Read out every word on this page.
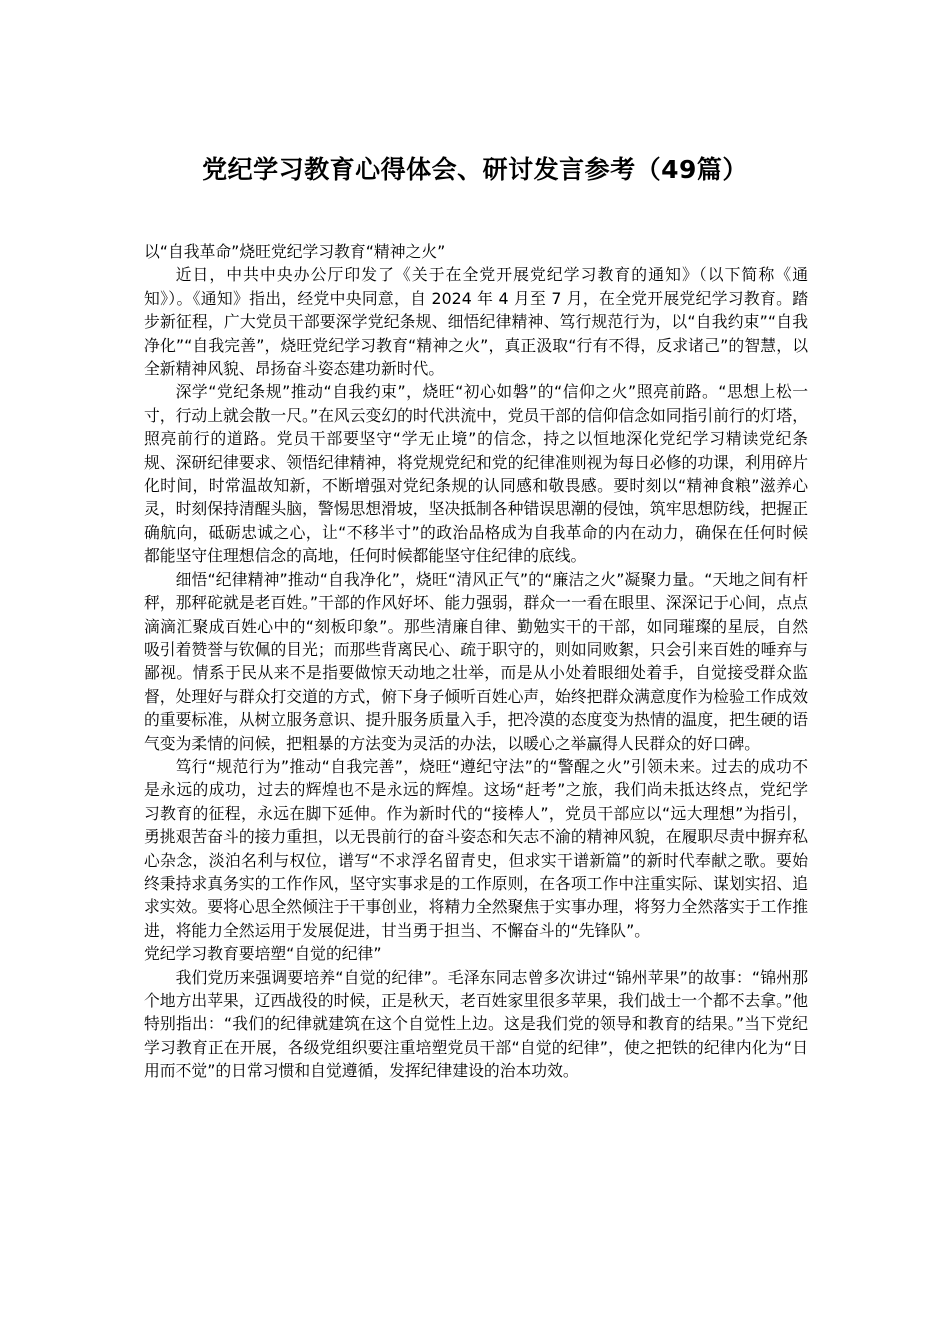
党纪学习教育心得体会、研讨发言参考（49篇）

以“自我革命”烧旺党纪学习教育“精神之火”

近日，中共中央办公厅印发了《关于在全党开展党纪学习教育的通知》（以下简称《通知》）。《通知》指出，经党中央同意，自 2024 年 4 月至 7 月，在全党开展党纪学习教育。踏步新征程，广大党员干部要深学党纪条规、细悟纪律精神、笃行规范行为，以“自我约束”“自我净化”“自我完善”，烧旺党纪学习教育“精神之火”，真正汲取“行有不得，反求诸己”的智慧，以全新精神风貌、昂扬奋斗姿态建功新时代。

深学“党纪条规”推动“自我约束”，烧旺“初心如磐”的“信仰之火”照亮前路。“思想上松一寸，行动上就会散一尺。”在风云变幻的时代洪流中，党员干部的信仰信念如同指引前行的灯塔，照亮前行的道路。党员干部要坚守“学无止境”的信念，持之以恒地深化党纪学习精读党纪条规、深研纪律要求、领悟纪律精神，将党规党纪和党的纪律准则视为每日必修的功课，利用碎片化时间，时常温故知新，不断增强对党纪条规的认同感和敬畏感。要时刻以“精神食粮”滋养心灵，时刻保持清醒头脑，警惕思想滑坡，坚决抵制各种错误思潮的侵蚀，筑牢思想防线，把握正确航向，砥砺忠诚之心，让“不移半寸”的政治品格成为自我革命的内在动力，确保在任何时候都能坚守住理想信念的高地，任何时候都能坚守住纪律的底线。

细悟“纪律精神”推动“自我净化”，烧旺“清风正气”的“廉洁之火”凝聚力量。“天地之间有杆秤，那秤砣就是老百姓。”干部的作风好坏、能力强弱，群众一一看在眼里、深深记于心间，点点滴滴汇聚成百姓心中的“刻板印象”。那些清廉自律、勤勉实干的干部，如同璀璨的星辰，自然吸引着赞誉与钦佩的目光；而那些背离民心、疏于职守的，则如同败絮，只会引来百姓的唾弃与鄙视。情系于民从来不是指要做惊天动地之壮举，而是从小处着眼细处着手，自觉接受群众监督，处理好与群众打交道的方式，俯下身子倾听百姓心声，始终把群众满意度作为检验工作成效的重要标准，从树立服务意识、提升服务质量入手，把冷漠的态度变为热情的温度，把生硬的语气变为柔情的问候，把粗暴的方法变为灵活的办法，以暖心之举赢得人民群众的好口碑。

笃行“规范行为”推动“自我完善”，烧旺“遵纪守法”的“警醒之火”引领未来。过去的成功不是永远的成功，过去的辉煌也不是永远的辉煌。这场“赶考”之旅，我们尚未抵达终点，党纪学习教育的征程，永远在脚下延伸。作为新时代的“接棒人”，党员干部应以“远大理想”为指引，勇挑艰苦奋斗的接力重担，以无畏前行的奋斗姿态和矢志不渝的精神风貌，在履职尽责中摒弃私心杂念，淡泊名利与权位，谱写“不求浮名留青史，但求实干谱新篇”的新时代奉献之歌。要始终秉持求真务实的工作作风，坚守实事求是的工作原则，在各项工作中注重实际、谋划实招、追求实效。要将心思全然倾注于干事创业，将精力全然聚焦于实事办理，将努力全然落实于工作推进，将能力全然运用于发展促进，甘当勇于担当、不懈奋斗的“先锋队”。

党纪学习教育要培塑“自觉的纪律”

我们党历来强调要培养“自觉的纪律”。毛泽东同志曾多次讲过“锦州苹果”的故事：“锦州那个地方出苹果，辽西战役的时候，正是秋天，老百姓家里很多苹果，我们战士一个都不去拿。”他特别指出：“我们的纪律就建筑在这个自觉性上边。这是我们党的领导和教育的结果。”当下党纪学习教育正在开展，各级党组织要注重培塑党员干部“自觉的纪律”，使之把铁的纪律内化为“日用而不觉”的日常习惯和自觉遵循，发挥纪律建设的治本功效。
